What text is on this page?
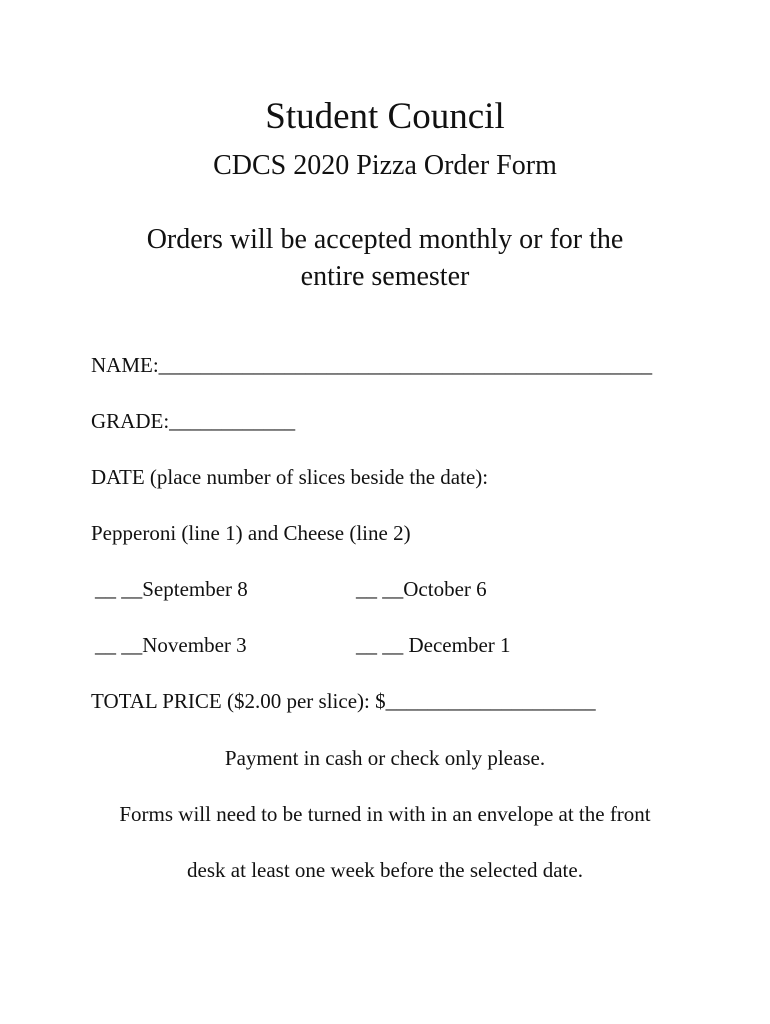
Student Council
CDCS 2020 Pizza Order Form
Orders will be accepted monthly or for the
entire semester
NAME:_______________________________________________
GRADE:____________
DATE (place number of slices beside the date):
Pepperoni (line 1) and Cheese (line 2)
__ __September 8	__ __October 6
__ __November 3	__ __ December 1
TOTAL PRICE ($2.00 per slice): $____________________
Payment in cash or check only please.
Forms will need to be turned in with in an envelope at the front
desk at least one week before the selected date.
